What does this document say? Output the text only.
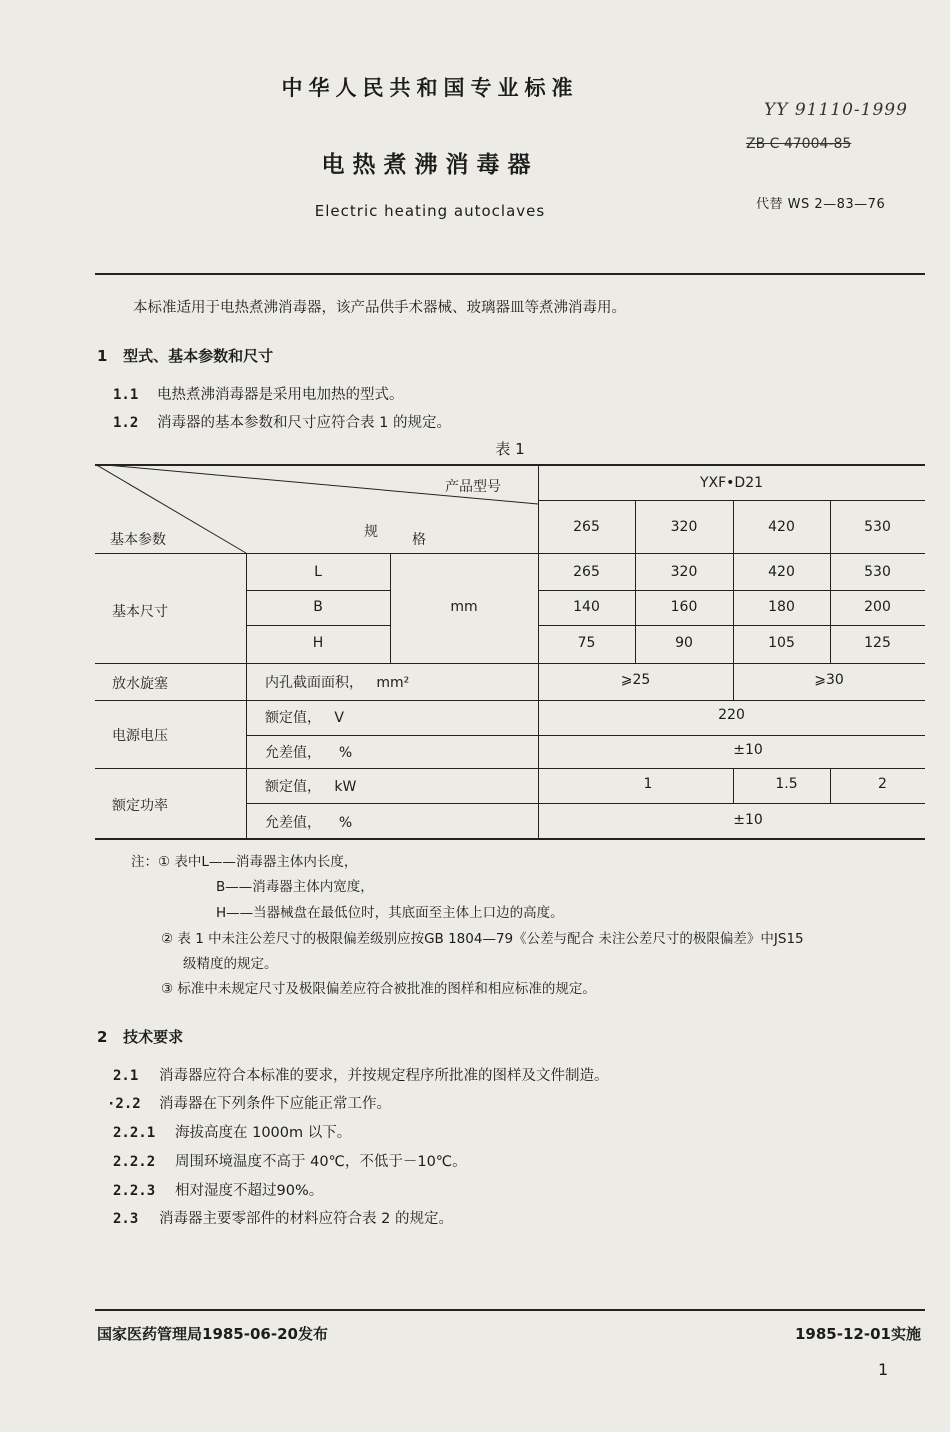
中华人民共和国专业标准
YY 91110-1999
ZB C 47004-85
电热煮沸消毒器
Electric heating autoclaves	代替 WS 2—83—76
本标准适用于电热煮沸消毒器，该产品供手术器械、玻璃器皿等煮沸消毒用。
1 型式、基本参数和尺寸
1.1 电热煮沸消毒器是采用电加热的型式。
1.2 消毒器的基本参数和尺寸应符合表 1 的规定。
表 1
产品型号
规 格
基本参数
YXF•D21
265	320	420	530
基本尺寸	mm
L	265	320	420	530
B	140	160	180	200
H	75	90	105	125
放水旋塞	内孔截面面积， mm²	⩾25	⩾30
电源电压
额定值， V	220
允差值， %	±10
额定功率
额定值， kW	1	1.5	2
允差值， %	±10
注：① 表中L——消毒器主体内长度，
B——消毒器主体内宽度，
H——当器械盘在最低位时，其底面至主体上口边的高度。
② 表 1 中未注公差尺寸的极限偏差级别应按GB 1804—79《公差与配合 未注公差尺寸的极限偏差》中JS15
级精度的规定。
③ 标准中未规定尺寸及极限偏差应符合被批准的图样和相应标准的规定。
2 技术要求
2.1 消毒器应符合本标准的要求，并按规定程序所批准的图样及文件制造。
·2.2 消毒器在下列条件下应能正常工作。
2.2.1 海拔高度在 1000m 以下。
2.2.2 周围环境温度不高于 40℃，不低于－10℃。
2.2.3 相对湿度不超过90%。
2.3 消毒器主要零部件的材料应符合表 2 的规定。
国家医药管理局1985-06-20发布	1985-12-01实施
1
